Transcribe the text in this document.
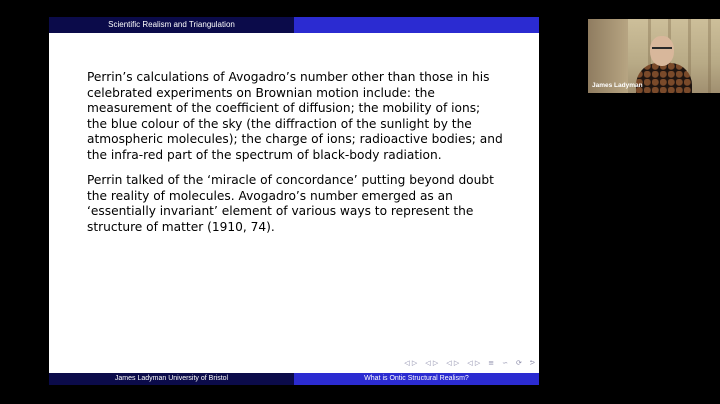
Scientific Realism and Triangulation
Perrin’s calculations of Avogadro’s number other than those in his
celebrated experiments on Brownian motion include: the
measurement of the coefficient of diffusion; the mobility of ions;
the blue colour of the sky (the diffraction of the sunlight by the
atmospheric molecules); the charge of ions; radioactive bodies; and
the infra-red part of the spectrum of black-body radiation.
Perrin talked of the ‘miracle of concordance’ putting beyond doubt
the reality of molecules. Avogadro’s number emerged as an
‘essentially invariant’ element of various ways to represent the
structure of matter (1910, 74).
◁ ▷ ◁ ▷ ◁ ▷ ◁ ▷ ≡ ∽ ⟳ ᕗ
James Ladyman University of Bristol	What is Ontic Structural Realism?
James Ladyman
